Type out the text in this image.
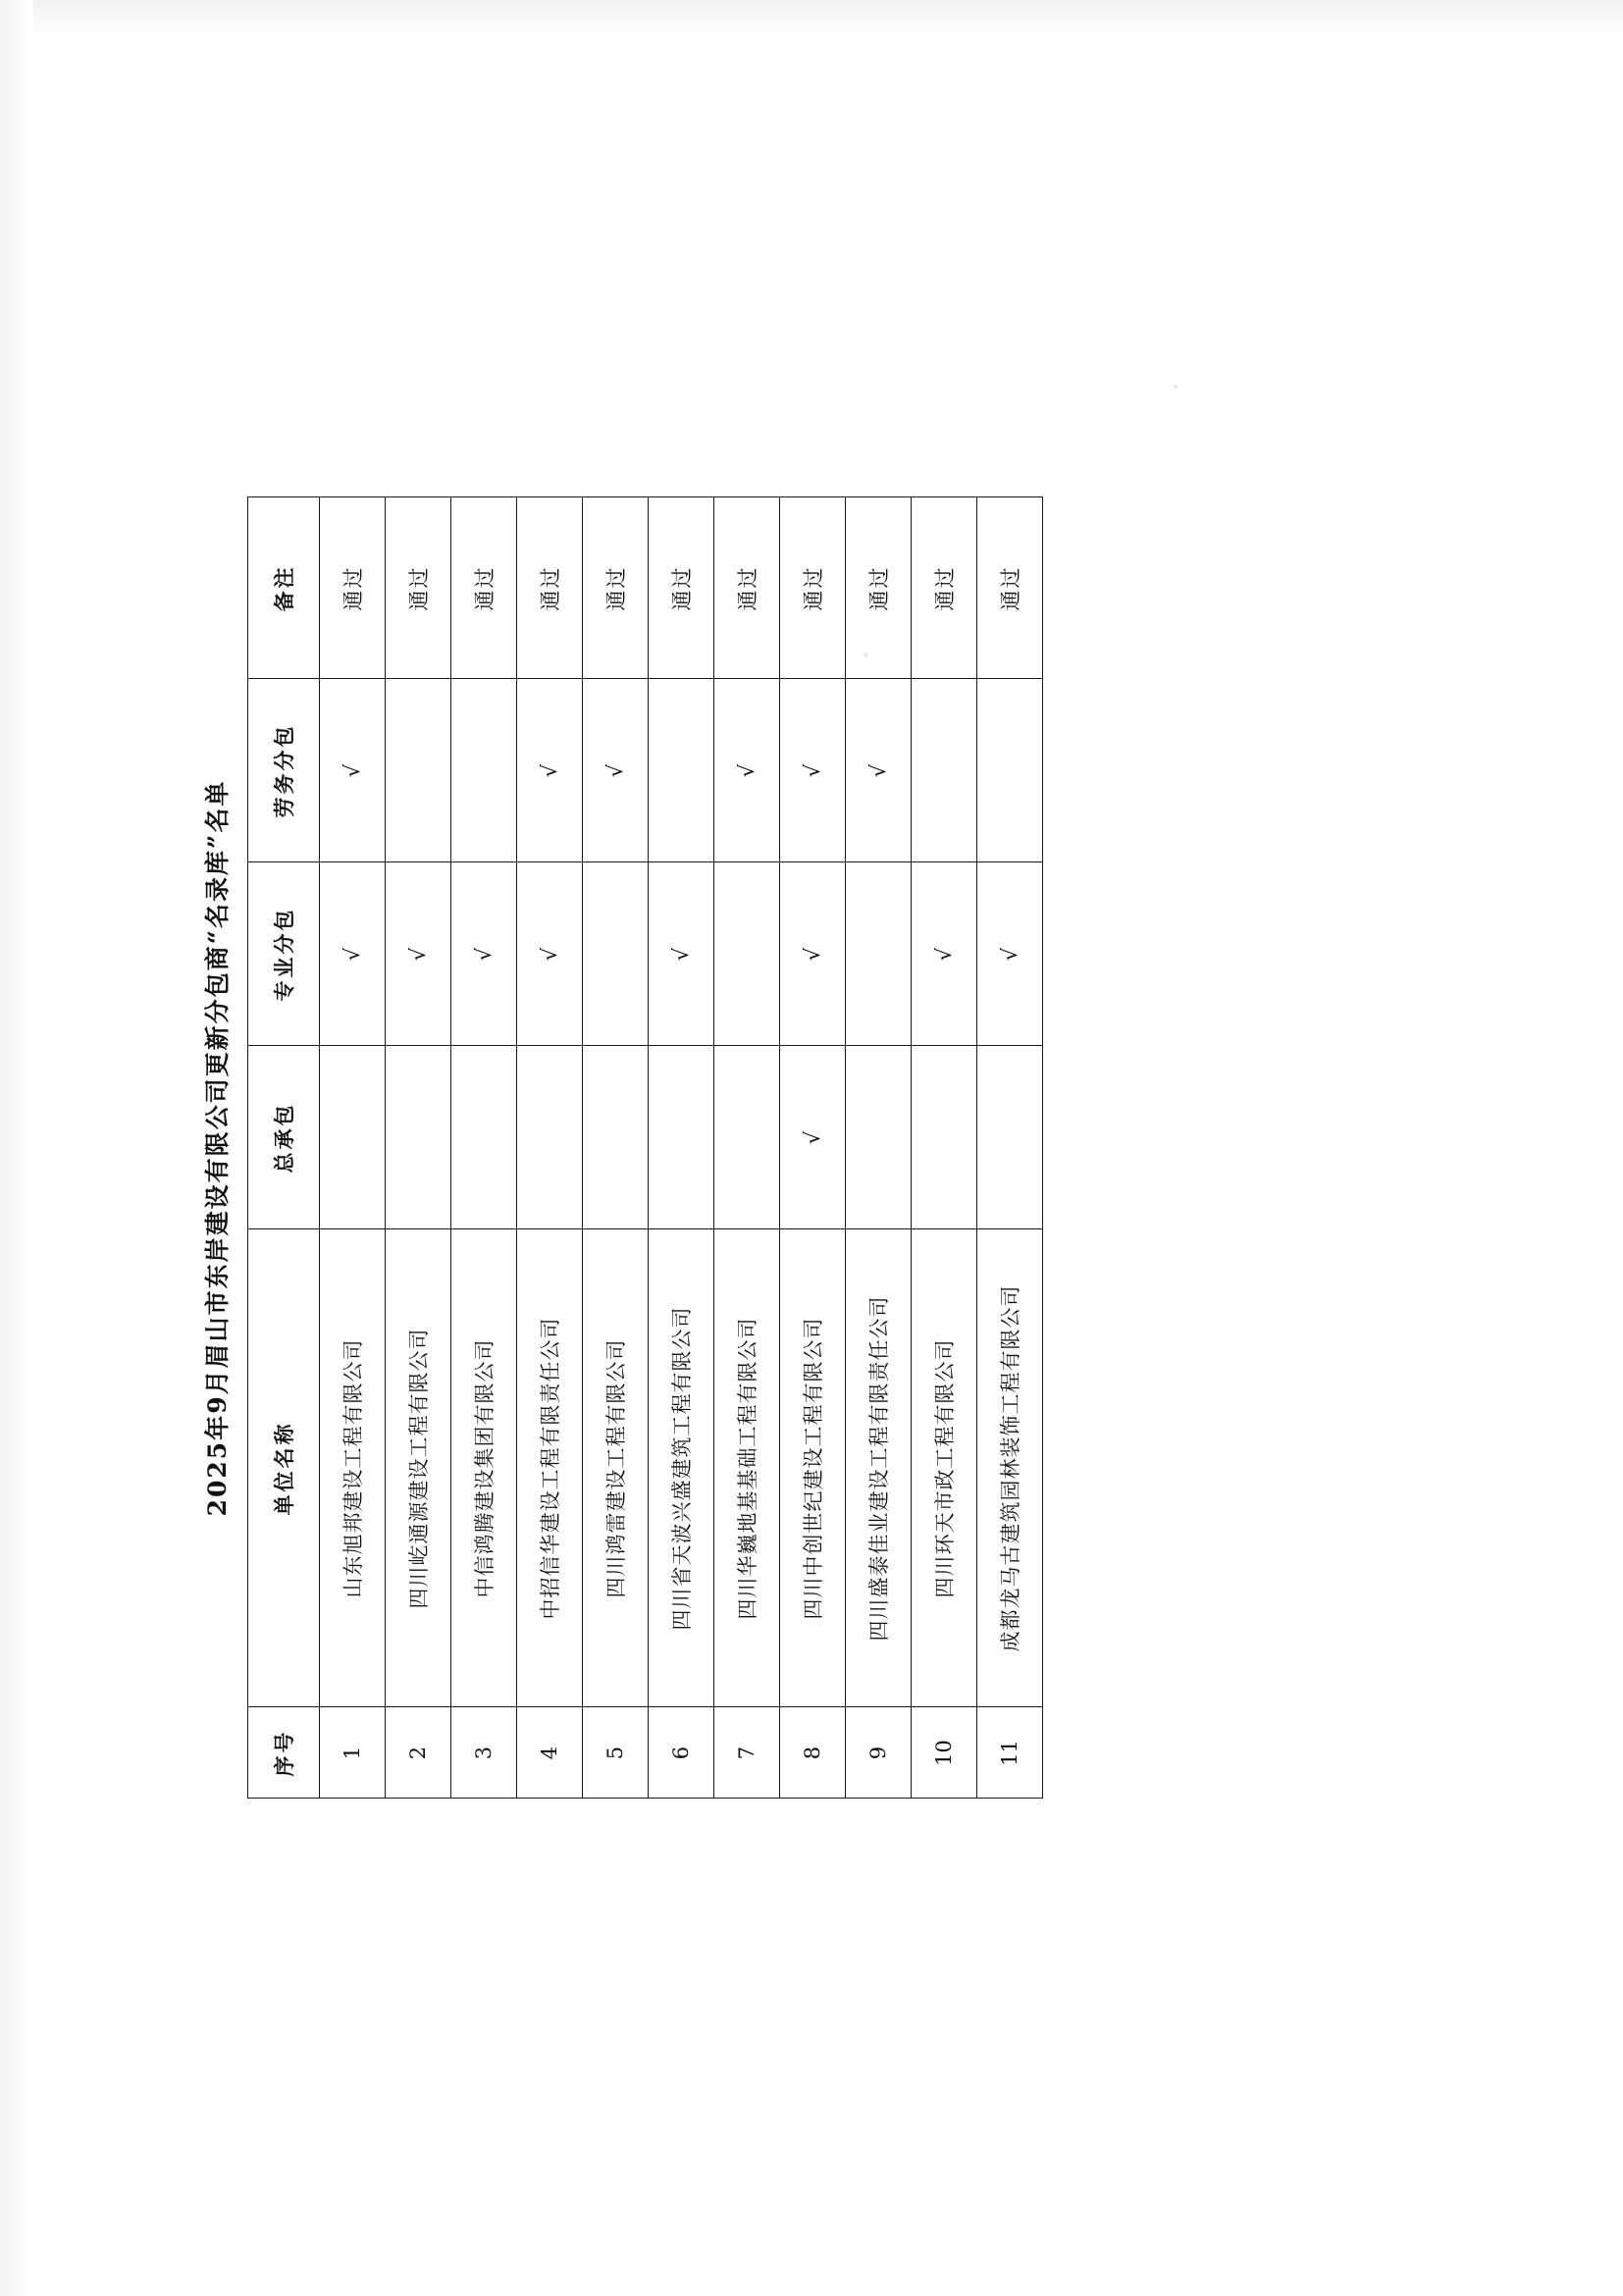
2025年9月眉山市东岸建设有限公司更新分包商“名录库”名单
序号	单位名称	总承包	专业分包	劳务分包	备注
1	山东旭邦建设工程有限公司		√	√	通过
2	四川屹通源建设工程有限公司		√		通过
3	中信鸿腾建设集团有限公司		√		通过
4	中招信华建设工程有限责任公司		√	√	通过
5	四川鸿雷建设工程有限公司			√	通过
6	四川省天波兴盛建筑工程有限公司		√		通过
7	四川华巍地基基础工程有限公司			√	通过
8	四川中创世纪建设工程有限公司	√	√	√	通过
9	四川盛泰佳业建设工程有限责任公司			√	通过
10	四川环天市政工程有限公司		√		通过
11	成都龙马古建筑园林装饰工程有限公司		√		通过
